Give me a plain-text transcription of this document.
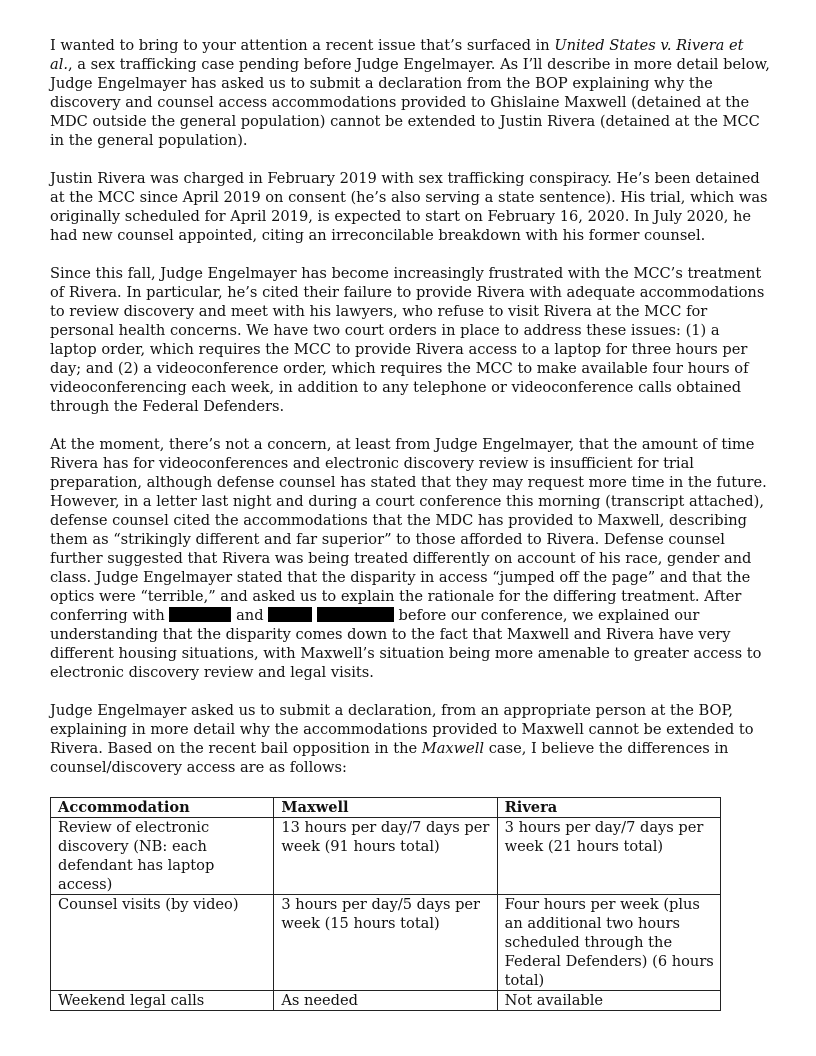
I wanted to bring to your attention a recent issue that’s surfaced in United States v. Rivera et al., a sex trafficking case pending before Judge Engelmayer. As I’ll describe in more detail below, Judge Engelmayer has asked us to submit a declaration from the BOP explaining why the discovery and counsel access accommodations provided to Ghislaine Maxwell (detained at the MDC outside the general population) cannot be extended to Justin Rivera (detained at the MCC in the general population).

Justin Rivera was charged in February 2019 with sex trafficking conspiracy. He’s been detained at the MCC since April 2019 on consent (he’s also serving a state sentence). His trial, which was originally scheduled for April 2019, is expected to start on February 16, 2020. In July 2020, he had new counsel appointed, citing an irreconcilable breakdown with his former counsel.

Since this fall, Judge Engelmayer has become increasingly frustrated with the MCC’s treatment of Rivera. In particular, he’s cited their failure to provide Rivera with adequate accommodations to review discovery and meet with his lawyers, who refuse to visit Rivera at the MCC for personal health concerns. We have two court orders in place to address these issues: (1) a laptop order, which requires the MCC to provide Rivera access to a laptop for three hours per day; and (2) a videoconference order, which requires the MCC to make available four hours of videoconferencing each week, in addition to any telephone or videoconference calls obtained through the Federal Defenders.

At the moment, there’s not a concern, at least from Judge Engelmayer, that the amount of time Rivera has for videoconferences and electronic discovery review is insufficient for trial preparation, although defense counsel has stated that they may request more time in the future. However, in a letter last night and during a court conference this morning (transcript attached), defense counsel cited the accommodations that the MDC has provided to Maxwell, describing them as “strikingly different and far superior” to those afforded to Rivera. Defense counsel further suggested that Rivera was being treated differently on account of his race, gender and class. Judge Engelmayer stated that the disparity in access “jumped off the page” and that the optics were “terrible,” and asked us to explain the rationale for the differing treatment. After conferring with	and	before our conference, we explained our understanding that the disparity comes down to the fact that Maxwell and Rivera have very different housing situations, with Maxwell’s situation being more amenable to greater access to electronic discovery review and legal visits.

Judge Engelmayer asked us to submit a declaration, from an appropriate person at the BOP, explaining in more detail why the accommodations provided to Maxwell cannot be extended to Rivera. Based on the recent bail opposition in the Maxwell case, I believe the differences in counsel/discovery access are as follows:

Accommodation	Maxwell	Rivera
Review of electronic discovery (NB: each defendant has laptop access)	13 hours per day/7 days per week (91 hours total)	3 hours per day/7 days per week (21 hours total)
Counsel visits (by video)	3 hours per day/5 days per week (15 hours total)	Four hours per week (plus an additional two hours scheduled through the Federal Defenders) (6 hours total)
Weekend legal calls	As needed	Not available
